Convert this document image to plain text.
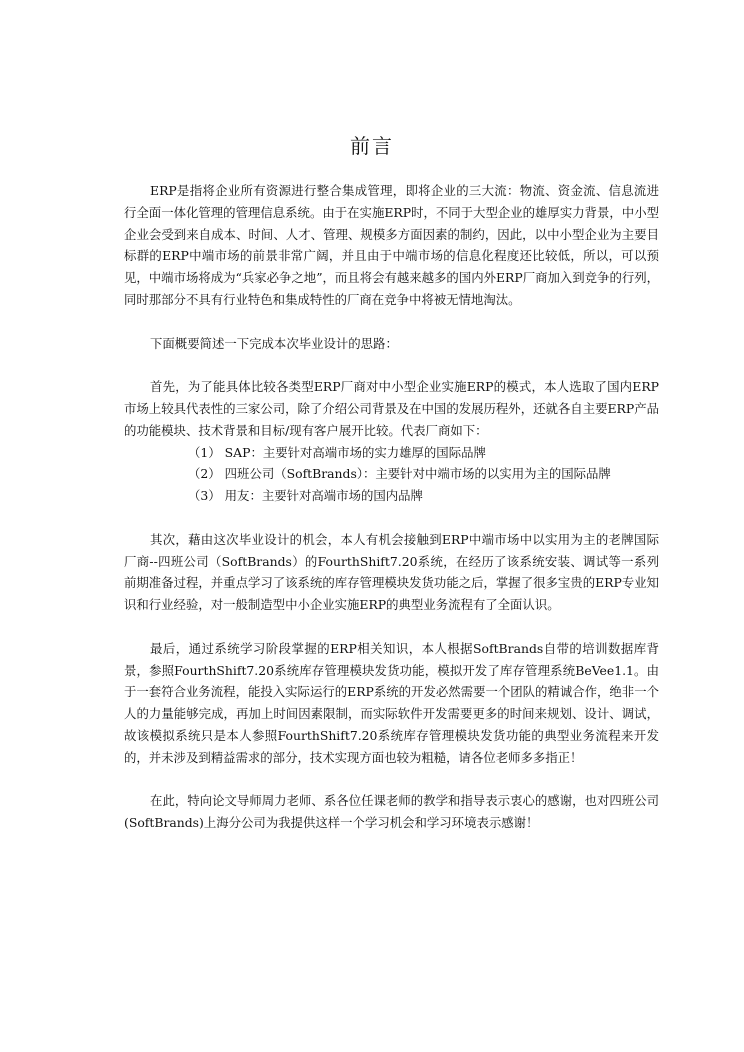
前言

ERP是指将企业所有资源进行整合集成管理，即将企业的三大流：物流、资金流、信息流进行全面一体化管理的管理信息系统。由于在实施ERP时，不同于大型企业的雄厚实力背景，中小型企业会受到来自成本、时间、人才、管理、规模多方面因素的制约，因此，以中小型企业为主要目标群的ERP中端市场的前景非常广阔，并且由于中端市场的信息化程度还比较低，所以，可以预见，中端市场将成为“兵家必争之地”，而且将会有越来越多的国内外ERP厂商加入到竞争的行列，同时那部分不具有行业特色和集成特性的厂商在竞争中将被无情地淘汰。

下面概要简述一下完成本次毕业设计的思路：

首先，为了能具体比较各类型ERP厂商对中小型企业实施ERP的模式，本人选取了国内ERP市场上较具代表性的三家公司，除了介绍公司背景及在中国的发展历程外，还就各自主要ERP产品的功能模块、技术背景和目标/现有客户展开比较。代表厂商如下：

（1） SAP：主要针对高端市场的实力雄厚的国际品牌
（2） 四班公司（SoftBrands）：主要针对中端市场的以实用为主的国际品牌
（3） 用友：主要针对高端市场的国内品牌

其次，藉由这次毕业设计的机会，本人有机会接触到ERP中端市场中以实用为主的老牌国际厂商--四班公司（SoftBrands）的FourthShift7.20系统，在经历了该系统安装、调试等一系列前期准备过程，并重点学习了该系统的库存管理模块发货功能之后，掌握了很多宝贵的ERP专业知识和行业经验，对一般制造型中小企业实施ERP的典型业务流程有了全面认识。

最后，通过系统学习阶段掌握的ERP相关知识，本人根据SoftBrands自带的培训数据库背景，参照FourthShift7.20系统库存管理模块发货功能，模拟开发了库存管理系统BeVee1.1。由于一套符合业务流程，能投入实际运行的ERP系统的开发必然需要一个团队的精诚合作，绝非一个人的力量能够完成，再加上时间因素限制，而实际软件开发需要更多的时间来规划、设计、调试，故该模拟系统只是本人参照FourthShift7.20系统库存管理模块发货功能的典型业务流程来开发的，并未涉及到精益需求的部分，技术实现方面也较为粗糙，请各位老师多多指正！

在此，特向论文导师周力老师、系各位任课老师的教学和指导表示衷心的感谢，也对四班公司(SoftBrands)上海分公司为我提供这样一个学习机会和学习环境表示感谢！
